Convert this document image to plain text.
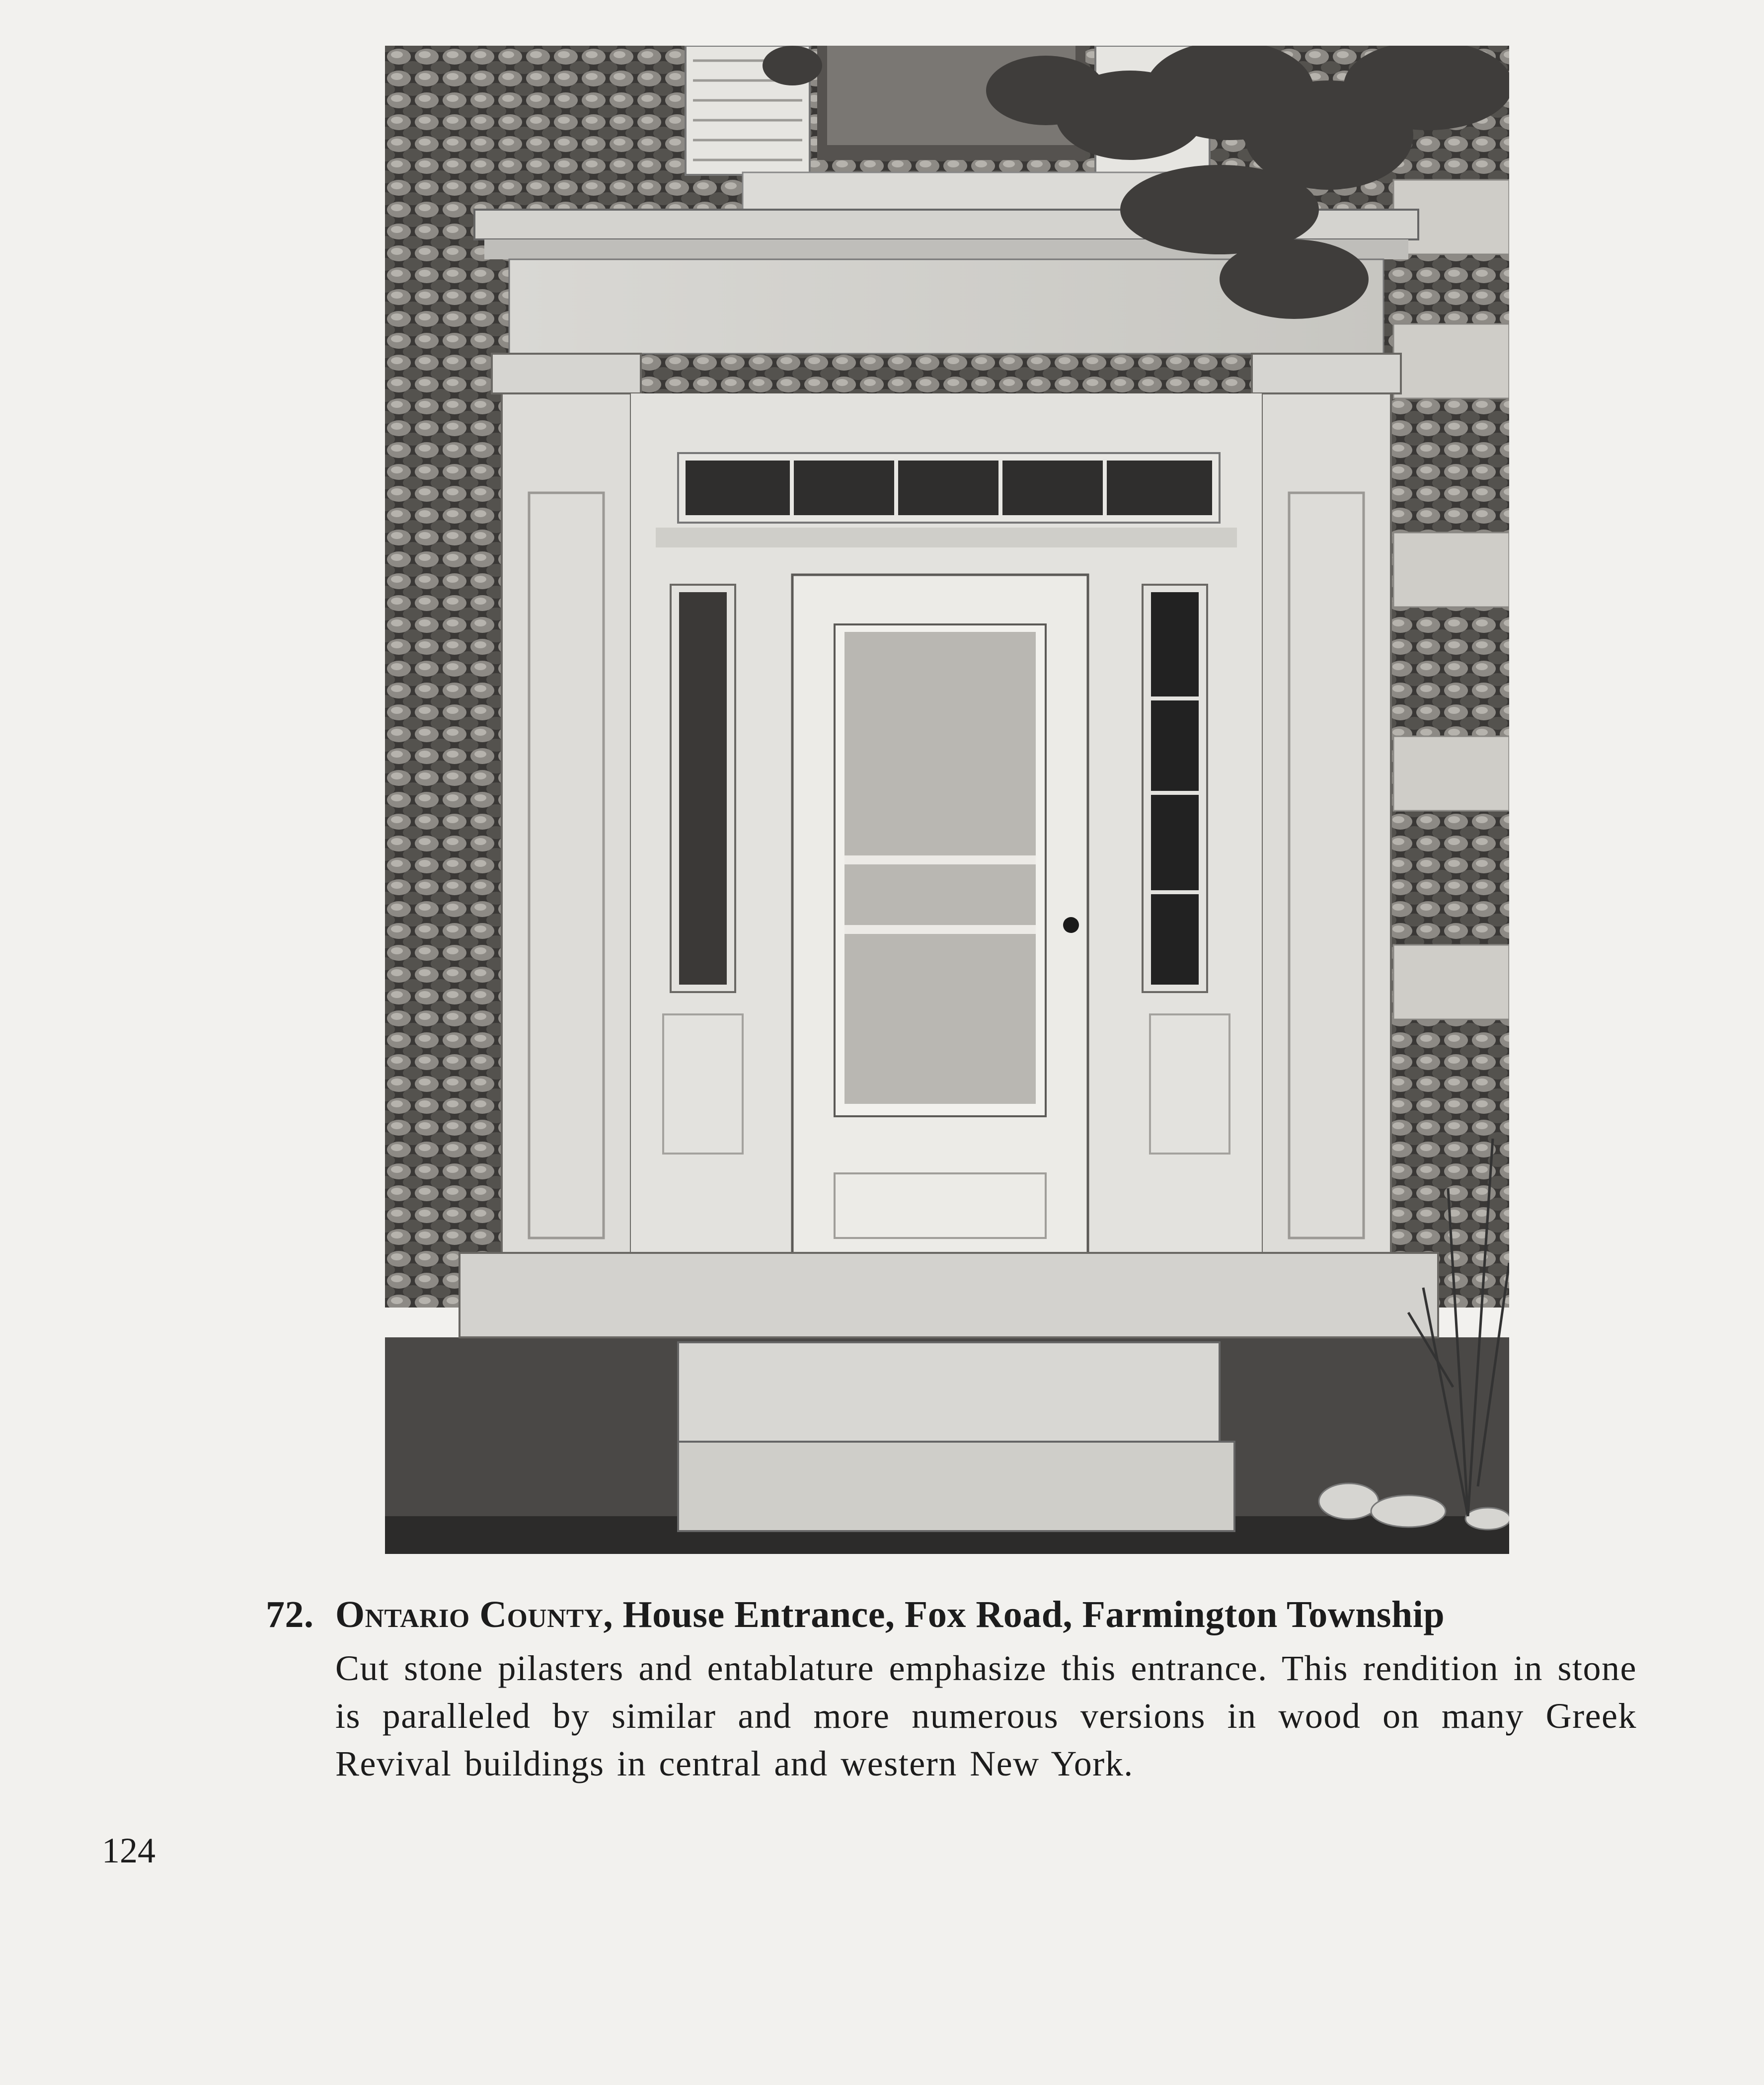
72. Ontario County, House Entrance, Fox Road, Farmington Township
Cut stone pilasters and entablature emphasize this entrance. This rendition in stone is paralleled by similar and more numerous versions in wood on many Greek Revival buildings in central and western New York.
124
